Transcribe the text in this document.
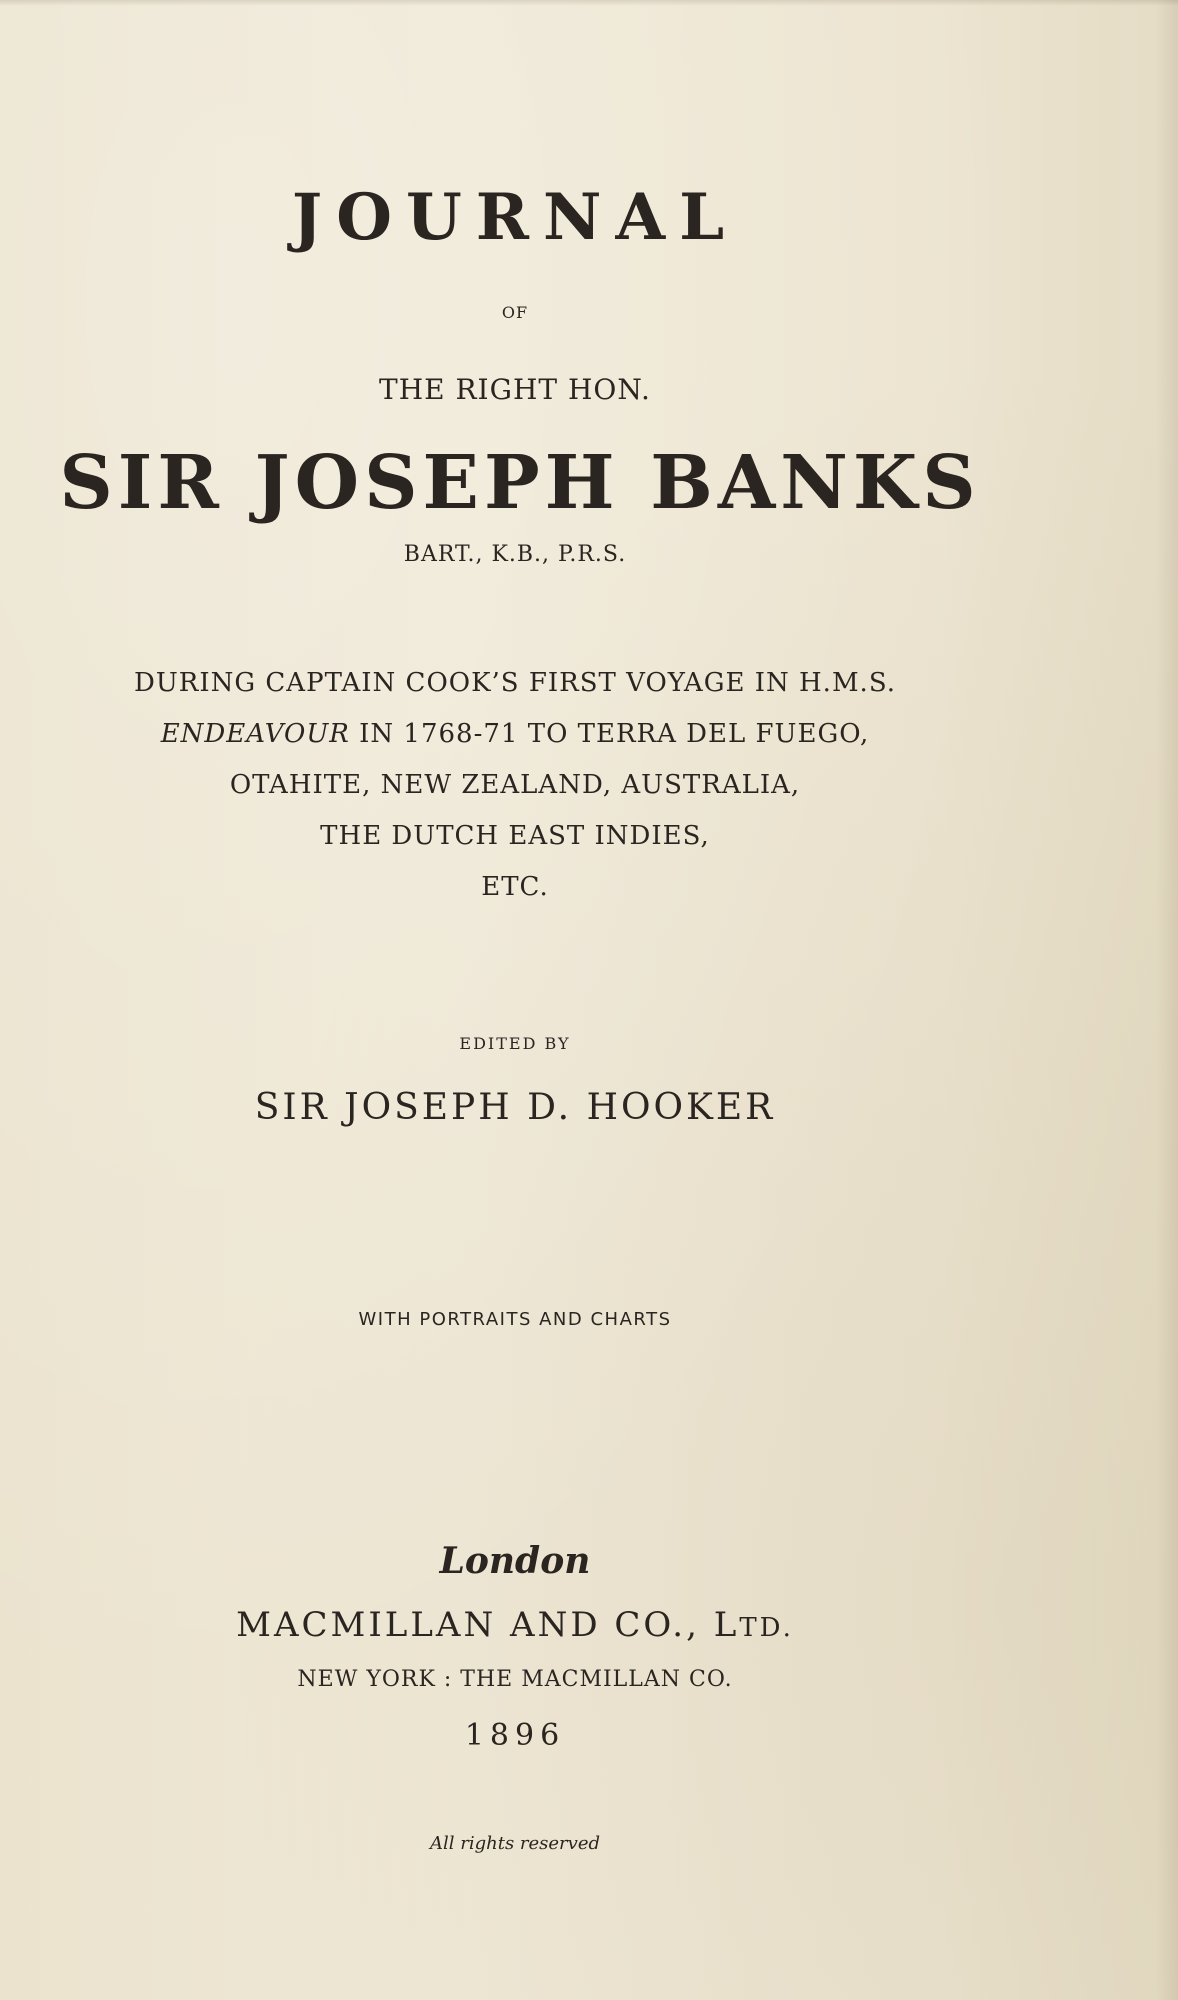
JOURNAL
OF
THE RIGHT HON.
SIR JOSEPH BANKS
BART., K.B., P.R.S.
DURING CAPTAIN COOK’S FIRST VOYAGE IN H.M.S.
ENDEAVOUR IN 1768-71 TO TERRA DEL FUEGO,
OTAHITE, NEW ZEALAND, AUSTRALIA,
THE DUTCH EAST INDIES,
ETC.
EDITED BY
SIR JOSEPH D. HOOKER
WITH PORTRAITS AND CHARTS
London
MACMILLAN AND CO., LTD.
NEW YORK : THE MACMILLAN CO.
1896
All rights reserved
